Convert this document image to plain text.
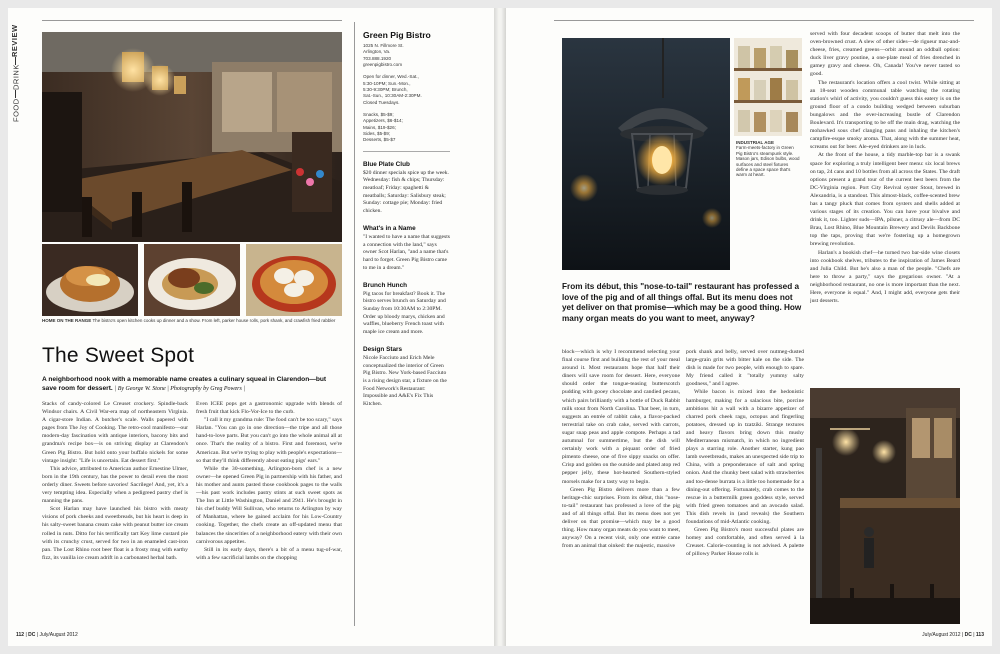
FOOD
DRINK
REVIEW
HOME ON THE RANGE The bistro's open kitchen cooks up dinner and a show. From left, parker house rolls, pork shank, and crawfish fried rabbler
The Sweet Spot
A neighborhood nook with a memorable name creates a culinary squeal in Clarendon—but save room for dessert. | By George W. Stone | Photography by Greg Powers |

Stacks of candy-colored Le Creuset crockery. Spindle-back Windsor chairs. A Civil War-era map of northeastern Virginia. A cigar-store Indian. A butcher's scale. Walls papered with pages from The Joy of Cooking. The retro-cool manifesto—our modern-day fascination with antique interiors, bacony bits and grandma's recipe box—is on striving display at Clarendon's Green Pig Bistro. But hold onto your buffalo nickels for some vintage insight: "Life is uncertain. Eat dessert first."

This advice, attributed to American author Ernestine Ulmer, born in the 19th century, has the power to derail even the most orderly diner. Sweets before savories! Sacrilege! And, yet, it's a very tempting idea. Especially when a pedigreed pastry chef is manning the pans.

Scot Harlan may have launched his bistro with meaty visions of pork cheeks and sweetbreads, but his heart is deep in his salty-sweet banana cream cake with peanut butter ice cream rolled in nuts. Ditto for his terrifically tart Key lime custard pie with its crunchy crust, served for two in an enameled cast-iron pan. The Lost Rhino root beer float is a frosty mug with earthy fizz, its vanilla ice cream adrift in a carbonated herbal bath.

Even ICEE pops get a gastronomic upgrade with blends of fresh fruit that kick Flo-Vor-Ice to the curb.

"I call it my grandma rule: The food can't be too scary," says Harlan. "You can go in one direction—the tripe and all those hand-to-love parts. But you can't go into the whole animal all at once. That's the reality of a bistro. First and foremost, we're American. But we're trying to play with people's expectations—so that they'll think differently about eating pigs' ears."

While the 30-something, Arlington-born chef is a new owner—he opened Green Pig in partnership with his father, and his mother and aunts pasted those cookbook pages to the walls—his past work includes pastry stints at such sweet spots as The Inn at Little Washington, Daniel and 2941. He's brought in his chef buddy Will Sullivan, who returns to Arlington by way of Manhattan, where he gained acclaim for his Low-Country cooking. Together, the chefs create an off-updated menu that balances the sincerities of a neighborhood eatery with their own carnivorous appetites.

Still in its early days, there's a bit of a menu tug-of-war, with a few sacrificial lambs on the chopping

Green Pig Bistro
1025 N. Fillmore St.
Arlington, Va.
703.888.1920
greenpigbistro.com
Open for dinner, Wed.-Sat.,
5:30-10PM; Sun.-Mon.,
5:30-9:30PM; Brunch,
Sat.-Sun., 10:30AM-2:30PM.
Closed Tuesdays.
Snacks, $5-$9;
Appetizers, $6-$14;
Mains, $19-$26;
Sides, $5-$9;
Desserts, $5-$7
Blue Plate Club
$20 dinner specials spice up the week. Wednesday: fish & chips; Thursday: meatloaf; Friday: spaghetti & meatballs; Saturday: Salisbury steak; Sunday: cottage pie; Monday: fried chicken.
What's in a Name
"I wanted to have a name that suggests a connection with the land," says owner Scot Harlan, "and a name that's hard to forget. Green Pig Bistro came to me in a dream."
Brunch Hunch
Pig tacos for breakfast? Book it. The bistro serves brunch on Saturday and Sunday from 10:30AM to 2:30PM. Order up bloody marys, chicken and waffles, blueberry French toast with maple ice cream and more.
Design Stars
Nicole Facciuto and Erich Mele conceptualized the interior of Green Pig Bistro. New York-based Facciuto is a rising design star, a fixture on the Food Network's Restaurant: Impossible and A&E's Fix This Kitchen.
112 | DC | July/August 2012
INDUSTRIAL AGE
Farm-meets-factory in Green Pig Bistro's steampunk style. Mason jars, Edison bulbs, wood surfaces and steel fixtures define a space space that's warm at heart.
From its début, this "nose-to-tail" restaurant has professed a love of the pig and of all things offal. But its menu does not yet deliver on that promise—which may be a good thing. How many organ meats do you want to meet, anyway?

block—which is why I recommend selecting your final course first and building the rest of your meal around it. Most restaurants hope that half their diners will save room for dessert. Here, everyone should order the tongue-teasing butterscotch pudding with gooey chocolate and candied pecans, which pairs brilliantly with a bottle of Duck Rabbit milk stout from North Carolina. That beer, in turn, suggests an entrée of rabbit cake, a flavor-packed terrestrial take on crab cake, served with carrots, sugar snap peas and apple compote. Perhaps a tad autumnal for summertime, but the dish will certainly work with a piquant order of fried pimento cheese, one of five sippy snacks on offer. Crisp and golden on the outside and plated atop red pepper jelly, these hot-hearted Southern-styled morsels make for a tasty way to begin.

Green Pig Bistro delivers more than a few heritage-chic surprises. From its début, this "nose-to-tail" restaurant has professed a love of the pig and of all things offal. But its menu does not yet deliver on that promise—which may be a good thing. How many organ meats do you want to meet, anyway? On a recent visit, only one entrée came from an animal that oinked: the majestic, massive

pork shank and belly, served over nutmeg-dusted large-grain grits with bitter kale on the side. The dish is made for two people, with enough to spare. My friend called it "totally yummy salty goodness," and I agree.

While bacon is mixed into the hedonistic hamburger, making for a salacious bite, porcine ambitions hit a wall with a bizarre appetizer of charred pork cheek ragu, octopus and fingerling potatoes, dressed up in tzatziki. Strange textures and heavy flavors bring down this mushy Mediterranean mismatch, in which no ingredient plays a starring role. Another starter, kung pao lamb sweetbreads, makes an unexpected side trip to China, with a preponderance of salt and spring onion. And the chunky beet salad with strawberries and too-dense burrata is a little too homemade for a dining-out offering. Fortunately, crab comes to the rescue in a buttermilk green goddess style, served with fried green tomatoes and an avocado salad. This dish revels in (and reveals) the Southern foundations of mid-Atlantic cooking.

Green Pig Bistro's most successful plates are homey and comfortable, and often served à la Creuset. Calorie-counting is not advised. A palette of pillowy Parker House rolls is

served with four decadent scoops of butter that melt into the oven-browned crust. A slew of other sides—de rigueur mac-and-cheese, fries, creamed greens—orbit around an oddball option: duck liver gravy poutine, a one-plate meal of fries drenched in gamey gravy and cheese. Oh, Canada! You've never tasted so good.

The restaurant's location offers a cool twist. While sitting at an 18-seat wooden communal table watching the rotating station's whirl of activity, you couldn't guess this eatery is on the ground floor of a condo building wedged between suburban bungalows and the ever-increasing bustle of Clarendon Boulevard. It's transporting to be off the main drag, watching the mohawked sous chef clanging pans and inhaling the kitchen's campfire-esque smoky aroma. That, along with the summer heat, screams out for beer. Ale-eyed drinkers are in luck.

At the front of the house, a tidy marble-top bar is a swank space for exploring a truly intelligent beer menu: six local brews on tap, 24 cans and 10 bottles from all across the States. The draft options present a grand tour of the current best beers from the DC-Virginia region. Port City Revival oyster Stout, brewed in Alexandria, is a standout. This almost-black, coffee-scented brew has a tangy pluck that comes from oysters and shells added at various stages of its creation. You can have your bivalve and drink it, too. Lighter suds—IPA, pilsner, a citrusy ale—from DC Brau, Lost Rhino, Blue Mountain Brewery and Devils Backbone top the taps, proving that we're fostering up a homegrown brewing revolution.

Harlan's a bookish chef—he turned two bar-side wine closets into cookbook shelves, tributes to the inspiration of James Beard and Julia Child. But he's also a man of the people. "Chefs are here to throw a party," says the gregarious owner. "At a neighborhood restaurant, no one is more important than the next. Here, everyone is equal." And, I might add, everyone gets their just desserts.

July/August 2012 | DC | 113
